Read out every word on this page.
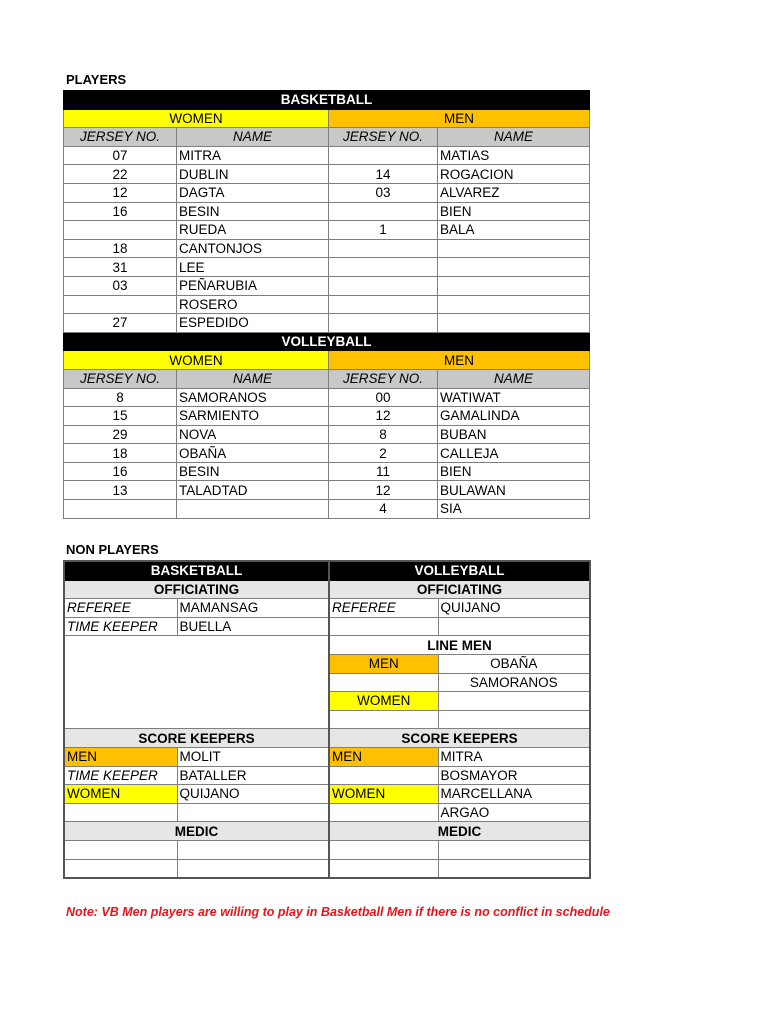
PLAYERS
BASKETBALL			
WOMEN		MEN	
JERSEY NO.	NAME	JERSEY NO.	NAME
07	MITRA		MATIAS
22	DUBLIN	14	ROGACION
12	DAGTA	03	ALVAREZ
16	BESIN		BIEN
	RUEDA	1	BALA
18	CANTONJOS		
31	LEE		
03	PEÑARUBIA		
	ROSERO		
27	ESPEDIDO		
VOLLEYBALL			
WOMEN		MEN	
JERSEY NO.	NAME	JERSEY NO.	NAME
8	SAMORANOS	00	WATIWAT
15	SARMIENTO	12	GAMALINDA
29	NOVA	8	BUBAN
18	OBAÑA	2	CALLEJA
16	BESIN	11	BIEN
13	TALADTAD	12	BULAWAN
		4	SIA
NON PLAYERS
BASKETBALL		VOLLEYBALL	
OFFICIATING		OFFICIATING	
REFEREE	MAMANSAG	REFEREE	QUIJANO
TIME KEEPER	BUELLA		
		LINE MEN	
		MEN	OBAÑA
			SAMORANOS
		WOMEN	

SCORE KEEPERS		SCORE KEEPERS	
MEN	MOLIT	MEN	MITRA
TIME KEEPER	BATALLER		BOSMAYOR
WOMEN	QUIJANO	WOMEN	MARCELLANA
			ARGAO
MEDIC		MEDIC	

Note: VB Men players are willing to play in Basketball Men if there is no conflict in schedule
